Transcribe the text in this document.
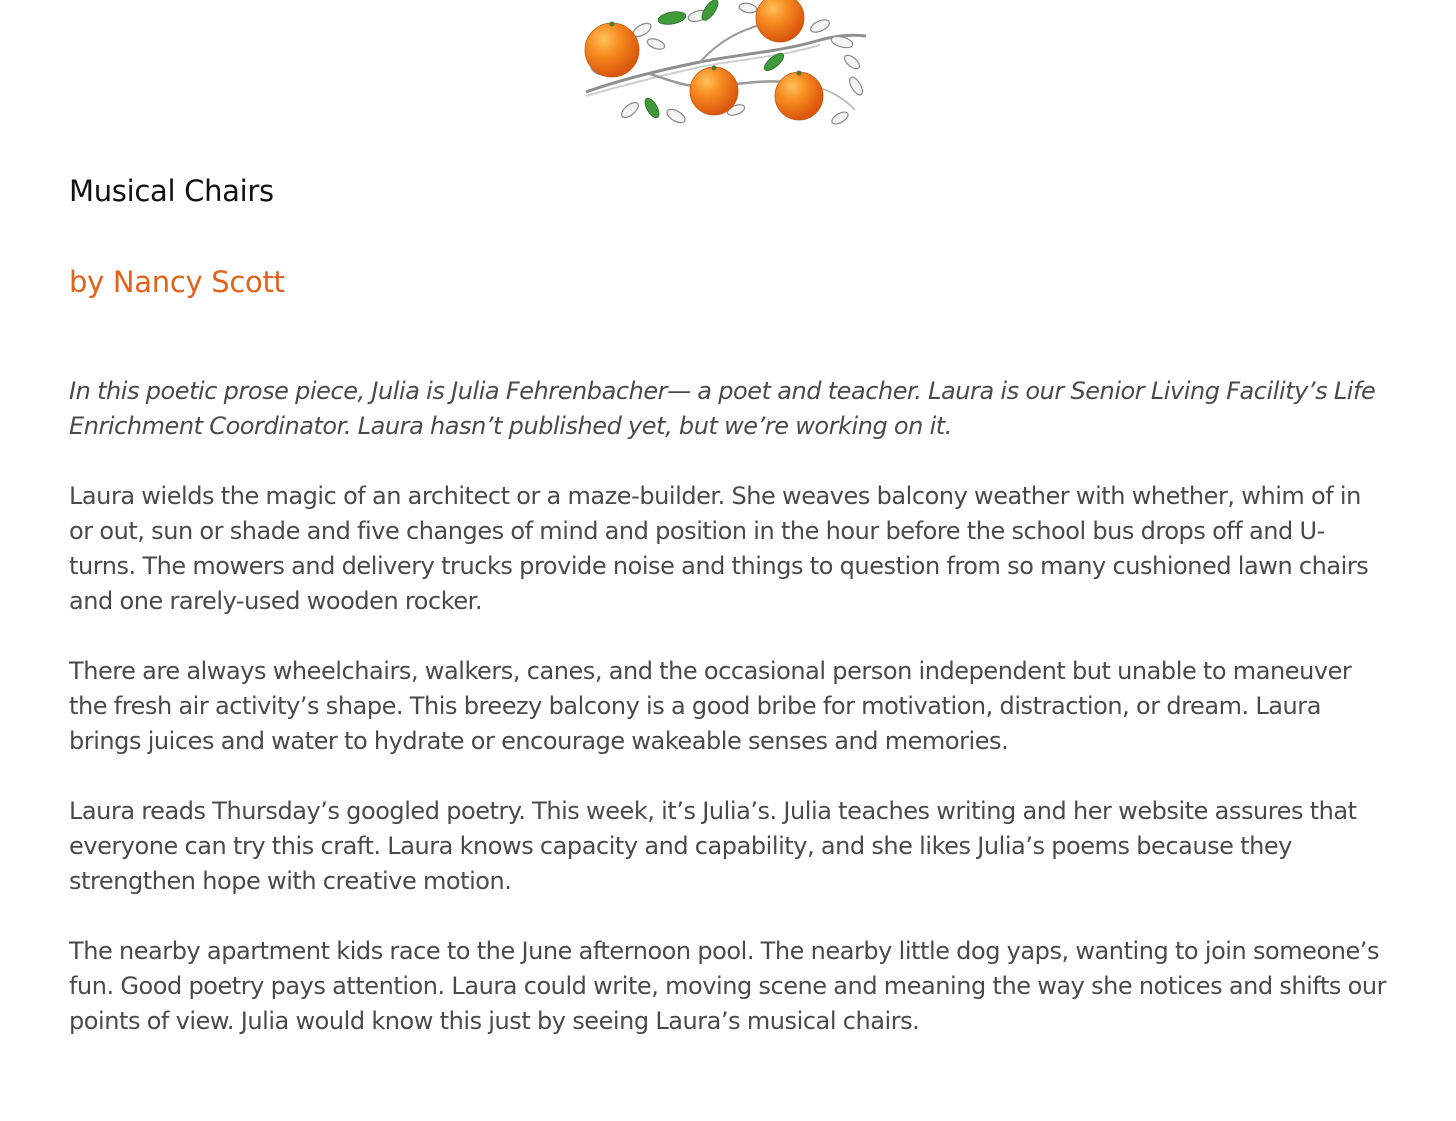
Musical Chairs
by Nancy Scott

In this poetic prose piece, Julia is Julia Fehrenbacher— a poet and teacher. Laura is our Senior Living Facility’s Life Enrichment Coordinator. Laura hasn’t published yet, but we’re working on it.

Laura wields the magic of an architect or a maze-builder. She weaves balcony weather with whether, whim of in or out, sun or shade and five changes of mind and position in the hour before the school bus drops off and U-turns. The mowers and delivery trucks provide noise and things to question from so many cushioned lawn chairs and one rarely-used wooden rocker.

There are always wheelchairs, walkers, canes, and the occasional person independent but unable to maneuver the fresh air activity’s shape. This breezy balcony is a good bribe for motivation, distraction, or dream. Laura brings juices and water to hydrate or encourage wakeable senses and memories.

Laura reads Thursday’s googled poetry. This week, it’s Julia’s. Julia teaches writing and her website assures that everyone can try this craft. Laura knows capacity and capability, and she likes Julia’s poems because they strengthen hope with creative motion.

The nearby apartment kids race to the June afternoon pool. The nearby little dog yaps, wanting to join someone’s fun. Good poetry pays attention. Laura could write, moving scene and meaning the way she notices and shifts our points of view. Julia would know this just by seeing Laura’s musical chairs.
